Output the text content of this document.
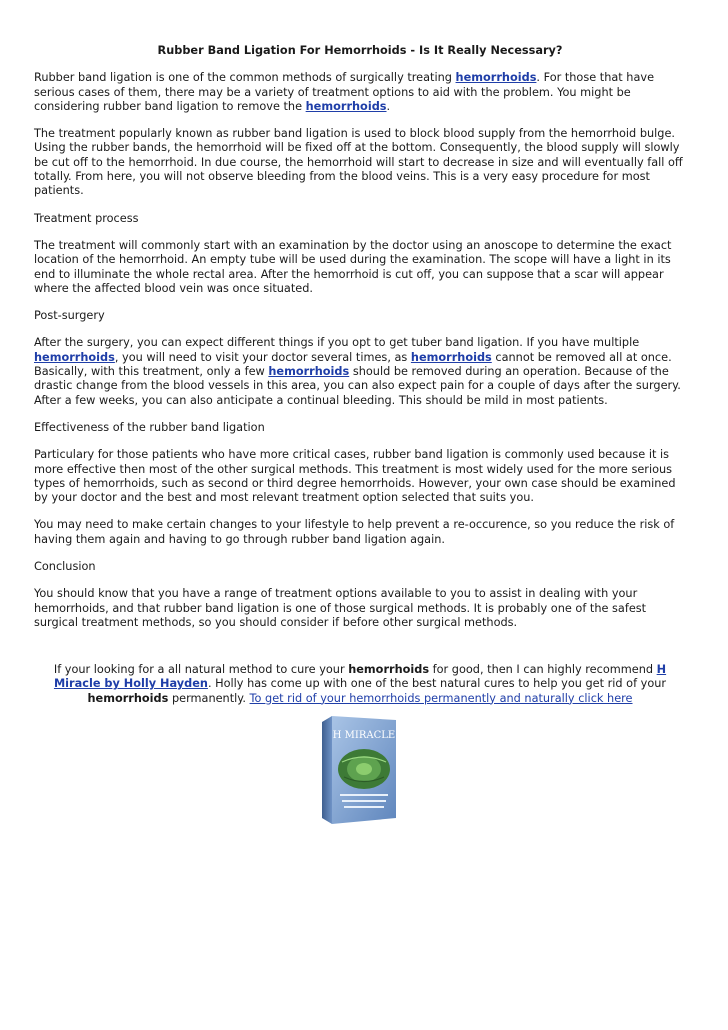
Rubber Band Ligation For Hemorrhoids - Is It Really Necessary?

Rubber band ligation is one of the common methods of surgically treating hemorrhoids. For those that have serious cases of them, there may be a variety of treatment options to aid with the problem. You might be considering rubber band ligation to remove the hemorrhoids.

The treatment popularly known as rubber band ligation is used to block blood supply from the hemorrhoid bulge. Using the rubber bands, the hemorrhoid will be fixed off at the bottom. Consequently, the blood supply will slowly be cut off to the hemorrhoid. In due course, the hemorrhoid will start to decrease in size and will eventually fall off totally. From here, you will not observe bleeding from the blood veins. This is a very easy procedure for most patients.

Treatment process

The treatment will commonly start with an examination by the doctor using an anoscope to determine the exact location of the hemorrhoid. An empty tube will be used during the examination. The scope will have a light in its end to illuminate the whole rectal area. After the hemorrhoid is cut off, you can suppose that a scar will appear where the affected blood vein was once situated.

Post-surgery

After the surgery, you can expect different things if you opt to get tuber band ligation. If you have multiple hemorrhoids, you will need to visit your doctor several times, as hemorrhoids cannot be removed all at once. Basically, with this treatment, only a few hemorrhoids should be removed during an operation. Because of the drastic change from the blood vessels in this area, you can also expect pain for a couple of days after the surgery. After a few weeks, you can also anticipate a continual bleeding. This should be mild in most patients.

Effectiveness of the rubber band ligation

Particulary for those patients who have more critical cases, rubber band ligation is commonly used because it is more effective then most of the other surgical methods. This treatment is most widely used for the more serious types of hemorrhoids, such as second or third degree hemorrhoids. However, your own case should be examined by your doctor and the best and most relevant treatment option selected that suits you.

You may need to make certain changes to your lifestyle to help prevent a re-occurence, so you reduce the risk of having them again and having to go through rubber band ligation again.

Conclusion

You should know that you have a range of treatment options available to you to assist in dealing with your hemorrhoids, and that rubber band ligation is one of those surgical methods. It is probably one of the safest surgical treatment methods, so you should consider if before other surgical methods.

If your looking for a all natural method to cure your hemorrhoids for good, then I can highly recommend H Miracle by Holly Hayden. Holly has come up with one of the best natural cures to help you get rid of your hemorrhoids permanently. To get rid of your hemorrhoids permanently and naturally click here
H MIRACLE
